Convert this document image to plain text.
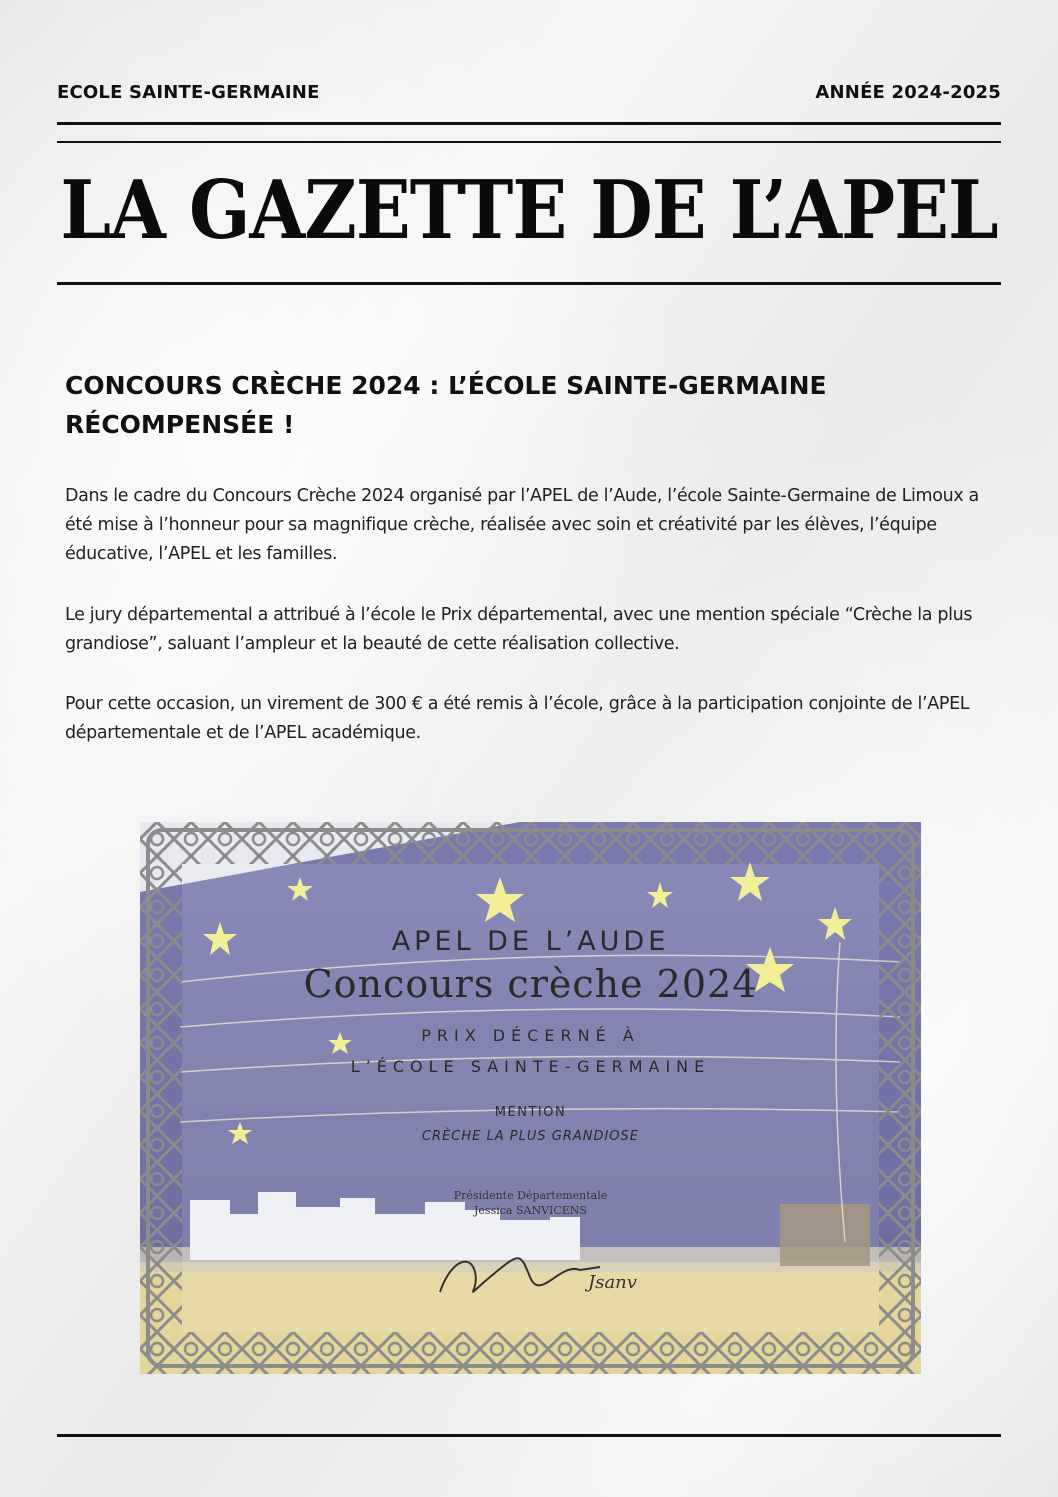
ECOLE SAINTE-GERMAINE	ANNÉE 2024-2025
LA GAZETTE DE L’APEL
CONCOURS CRÈCHE 2024 : L’ÉCOLE SAINTE-GERMAINE
RÉCOMPENSÉE !
Dans le cadre du Concours Crèche 2024 organisé par l’APEL de l’Aude, l’école Sainte-Germaine de Limoux a
été mise à l’honneur pour sa magnifique crèche, réalisée avec soin et créativité par les élèves, l’équipe
éducative, l’APEL et les familles.
Le jury départemental a attribué à l’école le Prix départemental, avec une mention spéciale “Crèche la plus
grandiose”, saluant l’ampleur et la beauté de cette réalisation collective.
Pour cette occasion, un virement de 300 € a été remis à l’école, grâce à la participation conjointe de l’APEL
départementale et de l’APEL académique.
Jsanv
APEL DE L’AUDE
Concours crèche 2024
PRIX DÉCERNÉ À
L’ÉCOLE SAINTE-GERMAINE
MENTION
CRÈCHE LA PLUS GRANDIOSE
Présidente Départementale
Jessica SANVICENS
